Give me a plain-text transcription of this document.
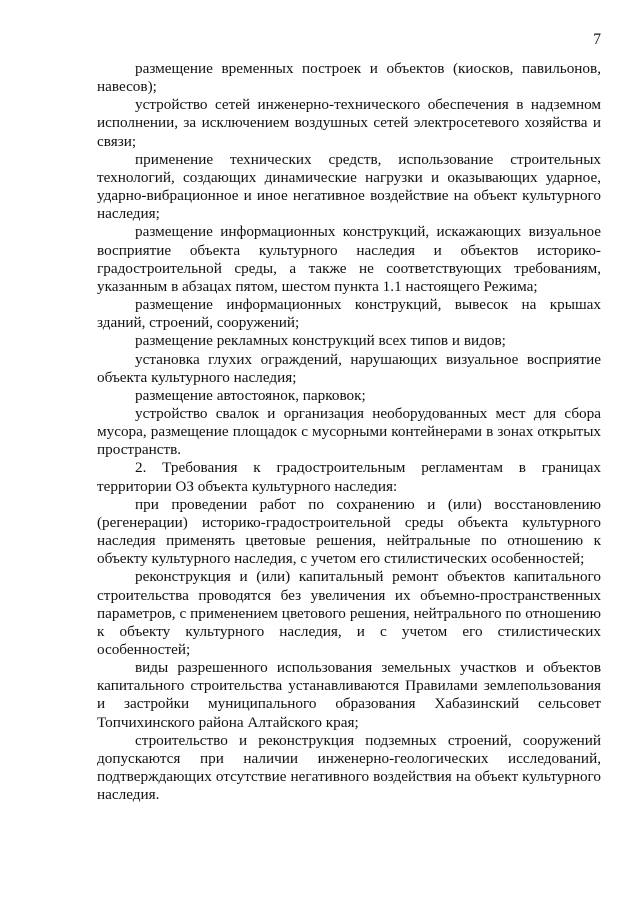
7

размещение временных построек и объектов (киосков, павильонов, навесов);

устройство сетей инженерно-технического обеспечения в надземном исполнении, за исключением воздушных сетей электросетевого хозяйства и связи;

применение технических средств, использование строительных технологий, создающих динамические нагрузки и оказывающих ударное, ударно-вибрационное и иное негативное воздействие на объект культурного наследия;

размещение информационных конструкций, искажающих визуальное восприятие объекта культурного наследия и объектов историко-градостроительной среды, а также не соответствующих требованиям, указанным в абзацах пятом, шестом пункта 1.1 настоящего Режима;

размещение информационных конструкций, вывесок на крышах зданий, строений, сооружений;

размещение рекламных конструкций всех типов и видов;

установка глухих ограждений, нарушающих визуальное восприятие объекта культурного наследия;

размещение автостоянок, парковок;

устройство свалок и организация необорудованных мест для сбора мусора, размещение площадок с мусорными контейнерами в зонах открытых пространств.

2. Требования к градостроительным регламентам в границах территории ОЗ объекта культурного наследия:

при проведении работ по сохранению и (или) восстановлению (регенерации) историко-градостроительной среды объекта культурного наследия применять цветовые решения, нейтральные по отношению к объекту культурного наследия, с учетом его стилистических особенностей;

реконструкция и (или) капитальный ремонт объектов капитального строительства проводятся без увеличения их объемно-пространственных параметров, с применением цветового решения, нейтрального по отношению к объекту культурного наследия, и с учетом его стилистических особенностей;

виды разрешенного использования земельных участков и объектов капитального строительства устанавливаются Правилами землепользования и застройки муниципального образования Хабазинский сельсовет Топчихинского района Алтайского края;

строительство и реконструкция подземных строений, сооружений допускаются при наличии инженерно-геологических исследований, подтверждающих отсутствие негативного воздействия на объект культурного наследия.
